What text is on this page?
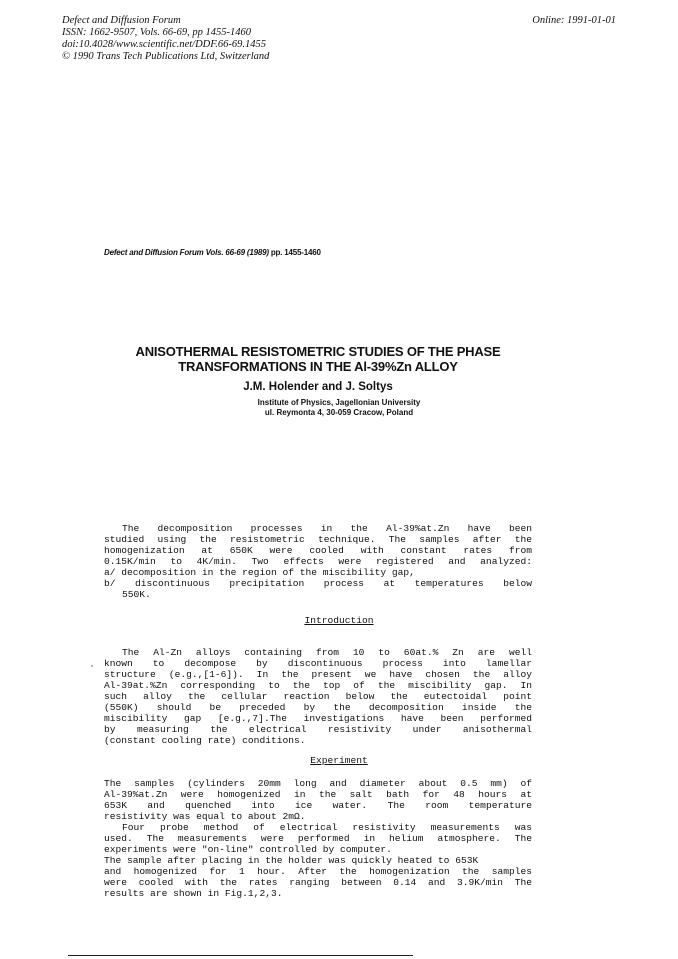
Defect and Diffusion Forum
ISSN: 1662-9507, Vols. 66-69, pp 1455-1460
doi:10.4028/www.scientific.net/DDF.66-69.1455
© 1990 Trans Tech Publications Ltd, Switzerland
Online: 1991-01-01
Defect and Diffusion Forum Vols. 66-69 (1989) pp. 1455-1460
ANISOTHERMAL RESISTOMETRIC STUDIES OF THE PHASE
TRANSFORMATIONS IN THE Al-39%Zn ALLOY
J.M. Holender and J. Soltys
Institute of Physics, Jagellonian University
ul. Reymonta 4, 30-059 Cracow, Poland
The decomposition processes in the Al-39%at.Zn have been
studied using the resistometric technique. The samples after the
homogenization at 650K were cooled with constant rates from
0.15K/min to 4K/min. Two effects were registered and analyzed:
a/ decomposition in the region of the miscibility gap,
b/ discontinuous precipitation process at temperatures below
550K.
Introduction
The Al-Zn alloys containing from 10 to 60at.% Zn are well
known to decompose by discontinuous process into lamellar
structure (e.g.,[1-6]). In the present we have chosen the alloy
Al-39at.%Zn corresponding to the top of the miscibility gap. In
such alloy the cellular reaction below the eutectoidal point
(550K) should be preceded by the decomposition inside the
miscibility gap [e.g.,7].The investigations have been performed
by measuring the electrical resistivity under anisothermal
(constant cooling rate) conditions.
Experiment
The samples (cylinders 20mm long and diameter about 0.5 mm) of
Al-39%at.Zn were homogenized in the salt bath for 48 hours at
653K and quenched into ice water. The room temperature
resistivity was equal to about 2mΩ.
Four probe method of electrical resistivity measurements was
used. The measurements were performed in helium atmosphere. The
experiments were "on-line" controlled by computer.
The sample after placing in the holder was quickly heated to 653K
and homogenized for 1 hour. After the homogenization the samples
were cooled with the rates ranging between 0.14 and 3.9K/min The
results are shown in Fig.1,2,3.
